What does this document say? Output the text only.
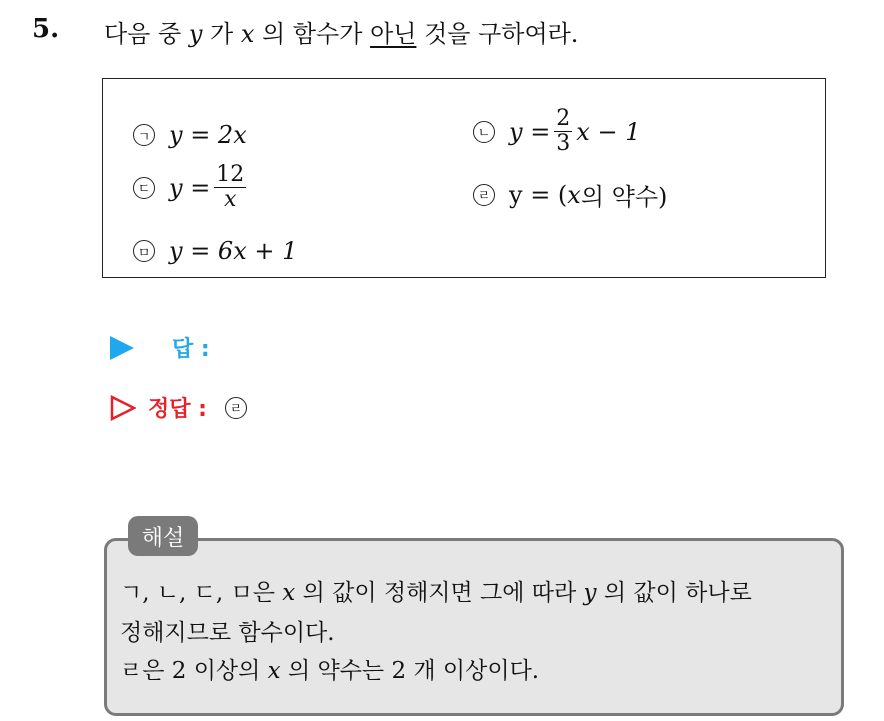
5. 다음 중 y 가 x 의 함수가 아닌 것을 구하여라.
ㄱ y = 2x	ㄴ $y = \frac{2}{3}$ x − 1
ㄷ $y = \frac{12}{x}$	ㄹ y = ( x 의 약수)
ㅁ y = 6x + 1
답 :
정답 :	ㄹ
해설
ㄱ, ㄴ, ㄷ, ㅁ은 x 의 값이 정해지면 그에 따라 y 의 값이 하나로
정해지므로 함수이다.
ㄹ은 2 이상의 x 의 약수는 2 개 이상이다.
